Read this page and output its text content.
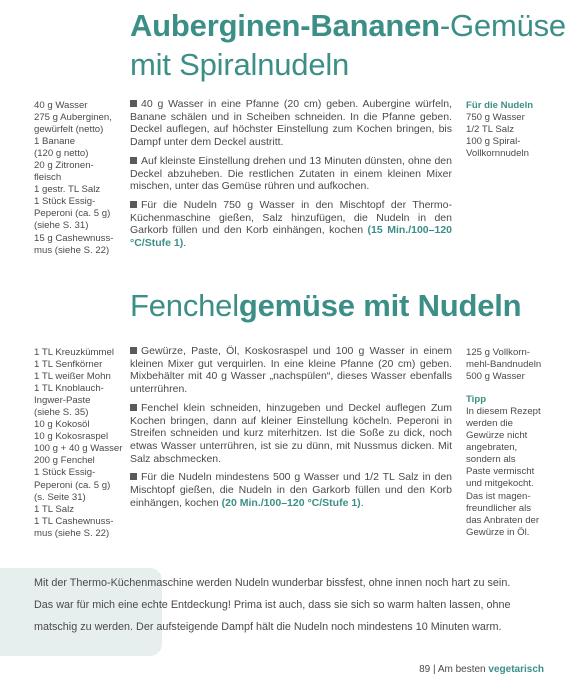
Auberginen-Bananen-Gemüse
mit Spiralnudeln
40 g Wasser
275 g Auberginen,
gewürfelt (netto)
1 Banane
(120 g netto)
20 g Zitronen-
fleisch
1 gestr. TL Salz
1 Stück Essig-
Peperoni (ca. 5 g)
(siehe S. 31)
15 g Cashewnuss-
mus (siehe S. 22)

40 g Wasser in eine Pfanne (20 cm) geben. Aubergine würfeln, Banane schälen und in Scheiben schneiden. In die Pfanne geben. Deckel auflegen, auf höchster Einstellung zum Kochen bringen, bis Dampf unter dem Deckel austritt.

Auf kleinste Einstellung drehen und 13 Minuten dünsten, ohne den Deckel abzuheben. Die restlichen Zutaten in einem kleinen Mixer mischen, unter das Gemüse rühren und aufkochen.

Für die Nudeln 750 g Wasser in den Mischtopf der Thermo-Küchenmaschine gießen, Salz hinzufügen, die Nudeln in den Garkorb füllen und den Korb einhängen, kochen (15 Min./100–120 °C/Stufe 1).

Für die Nudeln
750 g Wasser
1/2 TL Salz
100 g Spiral-
Vollkornnudeln
Fenchelgemüse mit Nudeln
1 TL Kreuzkümmel
1 TL Senfkörner
1 TL weißer Mohn
1 TL Knoblauch-
Ingwer-Paste
(siehe S. 35)
10 g Kokosöl
10 g Kokosraspel
100 g + 40 g Wasser
200 g Fenchel
1 Stück Essig-
Peperoni (ca. 5 g)
(s. Seite 31)
1 TL Salz
1 TL Cashewnuss-
mus (siehe S. 22)

Gewürze, Paste, Öl, Koskosraspel und 100 g Wasser in einem kleinen Mixer gut verquirlen. In eine kleine Pfanne (20 cm) geben. Mixbehälter mit 40 g Wasser „nachspülen“, dieses Wasser ebenfalls unterrühren.

Fenchel klein schneiden, hinzugeben und Deckel auflegen Zum Kochen bringen, dann auf kleiner Einstellung köcheln. Peperoni in Streifen schneiden und kurz miterhitzen. Ist die Soße zu dick, noch etwas Wasser unterrühren, ist sie zu dünn, mit Nussmus dicken. Mit Salz abschmecken.

Für die Nudeln mindestens 500 g Wasser und 1/2 TL Salz in den Mischtopf gießen, die Nudeln in den Garkorb füllen und den Korb einhängen, kochen (20 Min./100–120 °C/Stufe 1).

125 g Vollkorn-
mehl-Bandnudeln
500 g Wasser
Tipp
In diesem Rezept
werden die
Gewürze nicht
angebraten,
sondern als
Paste vermischt
und mitgekocht.
Das ist magen-
freundlicher als
das Anbraten der
Gewürze in Öl.

Mit der Thermo-Küchenmaschine werden Nudeln wunderbar bissfest, ohne innen noch hart zu sein.

Das war für mich eine echte Entdeckung! Prima ist auch, dass sie sich so warm halten lassen, ohne

matschig zu werden. Der aufsteigende Dampf hält die Nudeln noch mindestens 10 Minuten warm.

89 | Am besten vegetarisch
